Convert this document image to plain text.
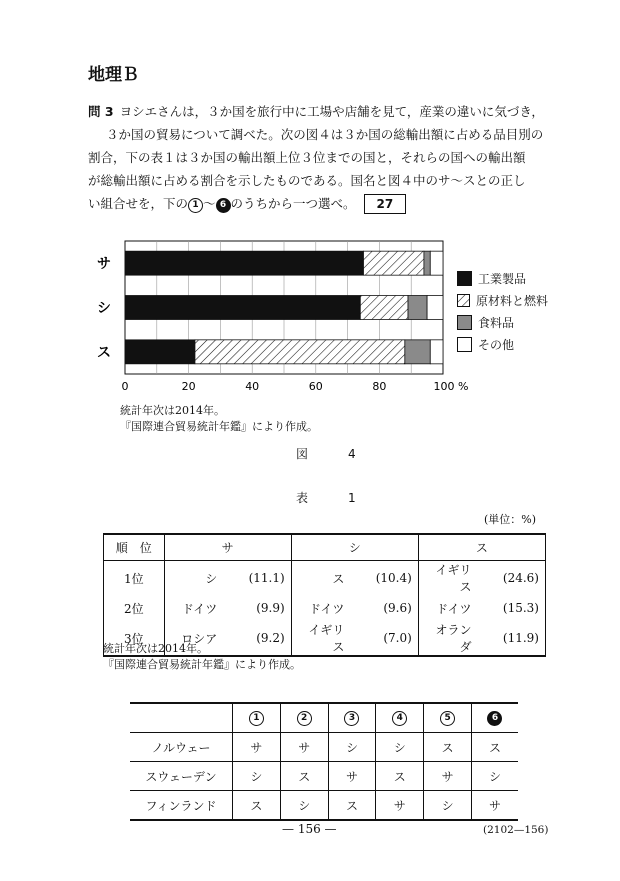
地理Ｂ

問 3 ヨシエさんは，３か国を旅行中に工場や店舗を見て，産業の違いに気づき，

３か国の貿易について調べた。次の図４は３か国の総輸出額に占める品目別の

割合，下の表１は３か国の輸出額上位３位までの国と，それらの国への輸出額

が総輸出額に占める割合を示したものである。国名と図４中のサ～スとの正し

い組合せを，下の 1 ～ 6 のうちから一つ選べ。 27

サ
シ
ス
0	20	40	60	80	100 %
工業製品
原材料と燃料
食料品
その他
統計年次は2014年。
『国際連合貿易統計年鑑』により作成。
図　4
表　1
(単位：%)
順　位	サ		シ		ス	
1位	シ	(11.1)	ス	(10.4)	イギリス	(24.6)
2位	ドイツ	(9.9)	ドイツ	(9.6)	ドイツ	(15.3)
3位	ロシア	(9.2)	イギリス	(7.0)	オランダ	(11.9)
統計年次は2014年。
『国際連合貿易統計年鑑』により作成。
	1	2	3	4	5	6
ノルウェー	サ	サ	シ	シ	ス	ス
スウェーデン	シ	ス	サ	ス	サ	シ
フィンランド	ス	シ	ス	サ	シ	サ
— 156 —	(2102—156)
